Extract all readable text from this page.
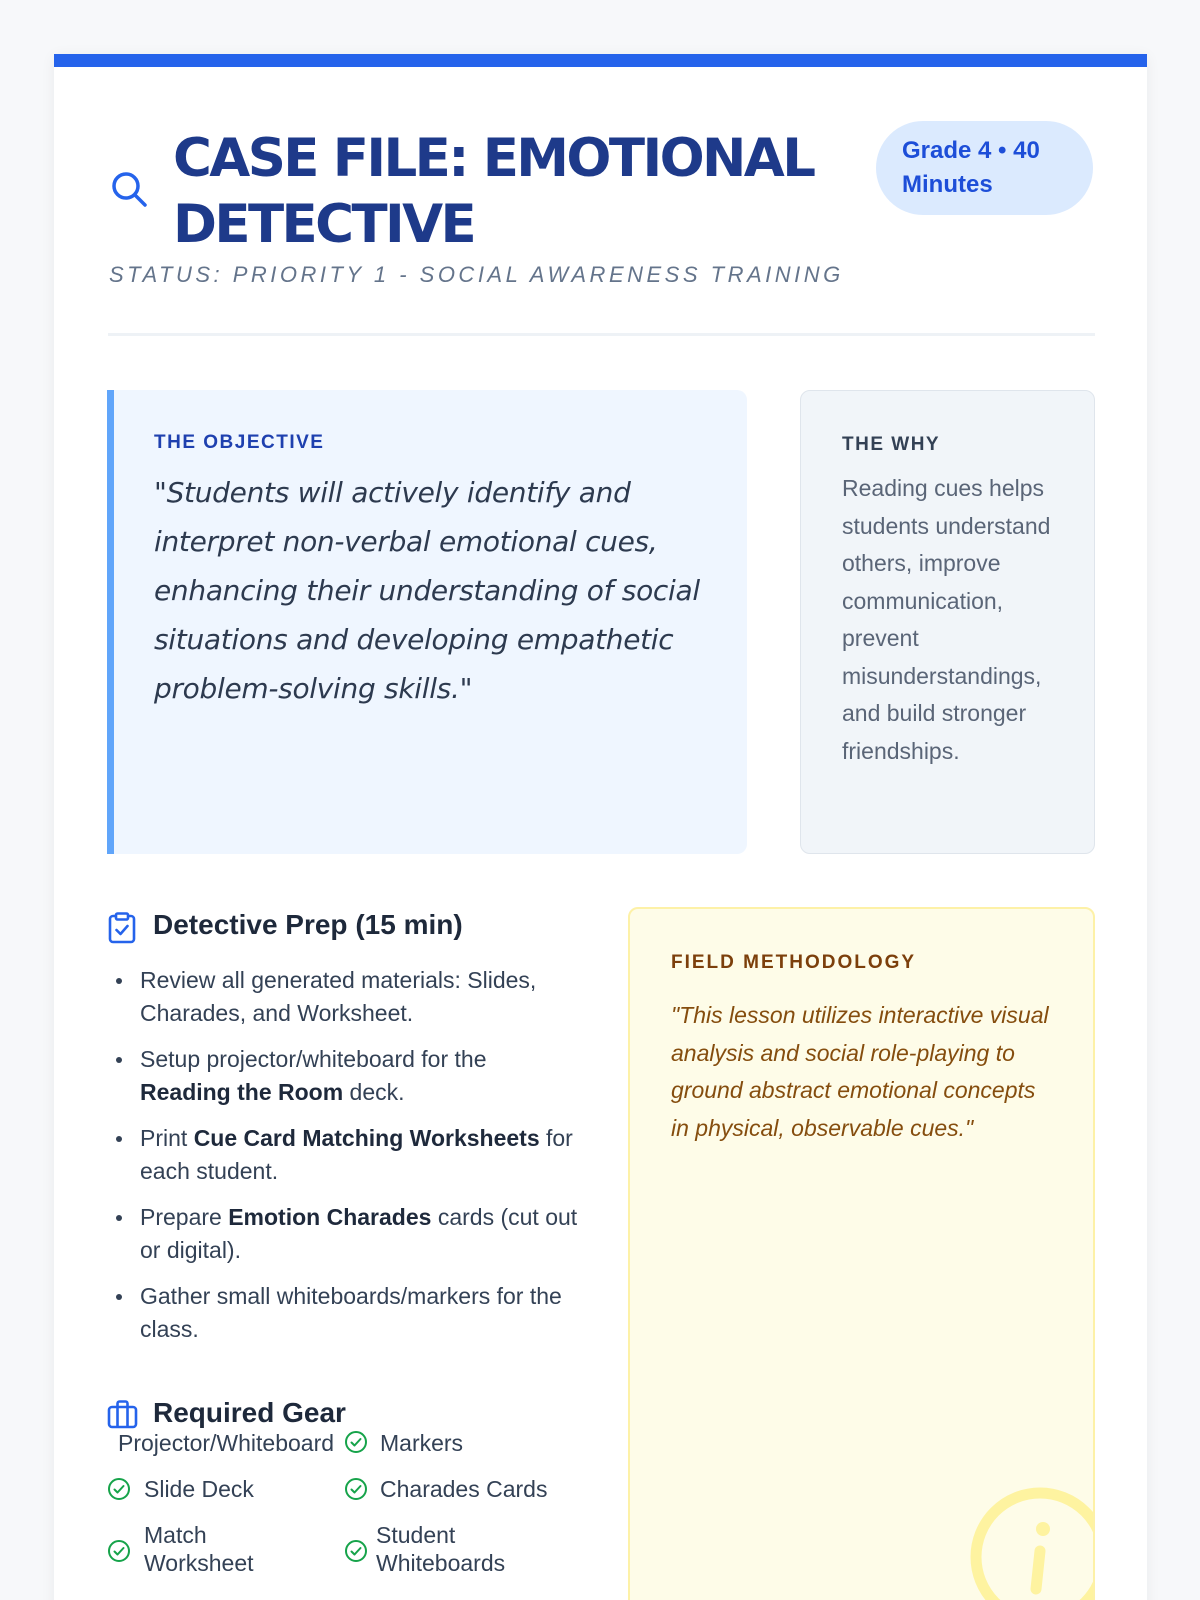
CASE FILE: EMOTIONAL DETECTIVE
Grade 4 • 40 Minutes
STATUS: PRIORITY 1 - SOCIAL AWARENESS TRAINING
THE OBJECTIVE
"Students will actively identify and interpret non-verbal emotional cues, enhancing their understanding of social situations and developing empathetic problem-solving skills."
THE WHY
Reading cues helps students understand others, improve communication, prevent misunderstandings, and build stronger friendships.
Detective Prep (15 min)
Review all generated materials: Slides, Charades, and Worksheet.
Setup projector/whiteboard for the Reading the Room deck.
Print Cue Card Matching Worksheets for each student.
Prepare Emotion Charades cards (cut out or digital).
Gather small whiteboards/markers for the class.
Required Gear
Projector/Whiteboard Markers
Slide Deck	Charades Cards
Match Worksheet
Student Whiteboards
FIELD METHODOLOGY
"This lesson utilizes interactive visual analysis and social role-playing to ground abstract emotional concepts in physical, observable cues."
